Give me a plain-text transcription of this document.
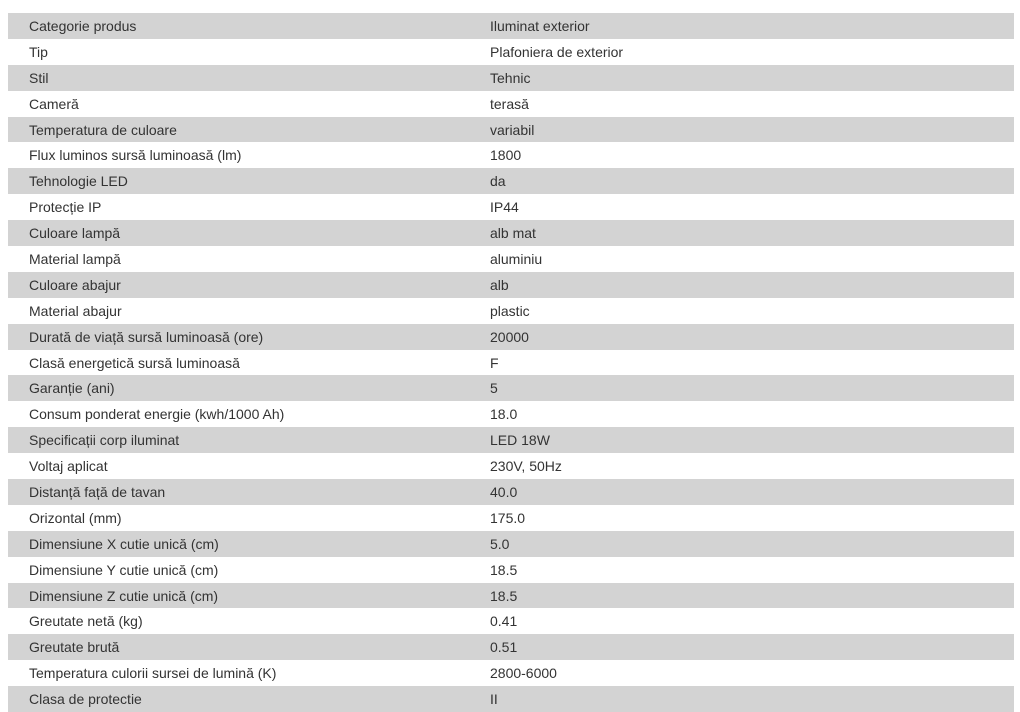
Categorie produs	Iluminat exterior
Tip	Plafoniera de exterior
Stil	Tehnic
Cameră	terasă
Temperatura de culoare	variabil
Flux luminos sursă luminoasă (lm)	1800
Tehnologie LED	da
Protecție IP	IP44
Culoare lampă	alb mat
Material lampă	aluminiu
Culoare abajur	alb
Material abajur	plastic
Durată de viață sursă luminoasă (ore)	20000
Clasă energetică sursă luminoasă	F
Garanție (ani)	5
Consum ponderat energie (kwh/1000 Ah)	18.0
Specificații corp iluminat	LED 18W
Voltaj aplicat	230V, 50Hz
Distanță față de tavan	40.0
Orizontal (mm)	175.0
Dimensiune X cutie unică (cm)	5.0
Dimensiune Y cutie unică (cm)	18.5
Dimensiune Z cutie unică (cm)	18.5
Greutate netă (kg)	0.41
Greutate brută	0.51
Temperatura culorii sursei de lumină (K)	2800-6000
Clasa de protectie	II
